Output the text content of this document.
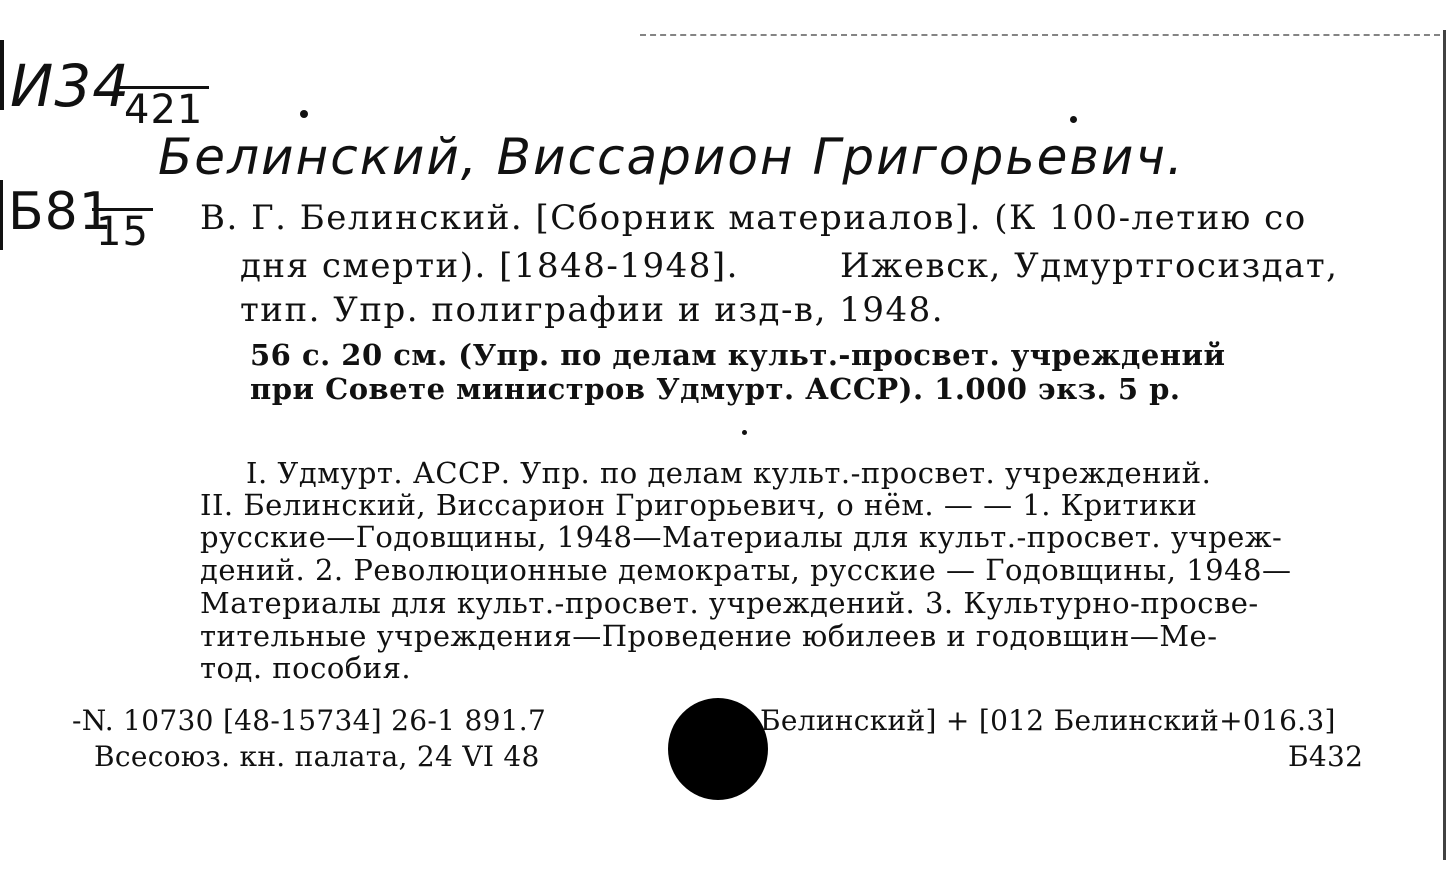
И34
421
Белинский, Виссарион Григорьевич.
Б81
15 В. Г. Белинский. [Сборник материалов]. (К 100-летию со
дня смерти). [1848-1948].	Ижевск, Удмуртгосиздат,
тип. Упр. полиграфии и изд-в, 1948.
56 с. 20 см. (Упр. по делам культ.-просвет. учреждений
при Совете министров Удмурт. АССР). 1.000 экз. 5 р.
I. Удмурт. АССР. Упр. по делам культ.-просвет. учреждений.
II. Белинский, Виссарион Григорьевич, о нём. — — 1. Критики
русские—Годовщины, 1948—Материалы для культ.-просвет. учреж-
дений. 2. Революционные демократы, русские — Годовщины, 1948—
Материалы для культ.-просвет. учреждений. 3. Культурно-просве-
тительные учреждения—Проведение юбилеев и годовщин—Ме-
тод. пособия.
-N. 10730 [48-15734] 26-1 891.7	Белинский] + [012 Белинский+016.3]
Всесоюз. кн. палата, 24 VI 48	Б432
